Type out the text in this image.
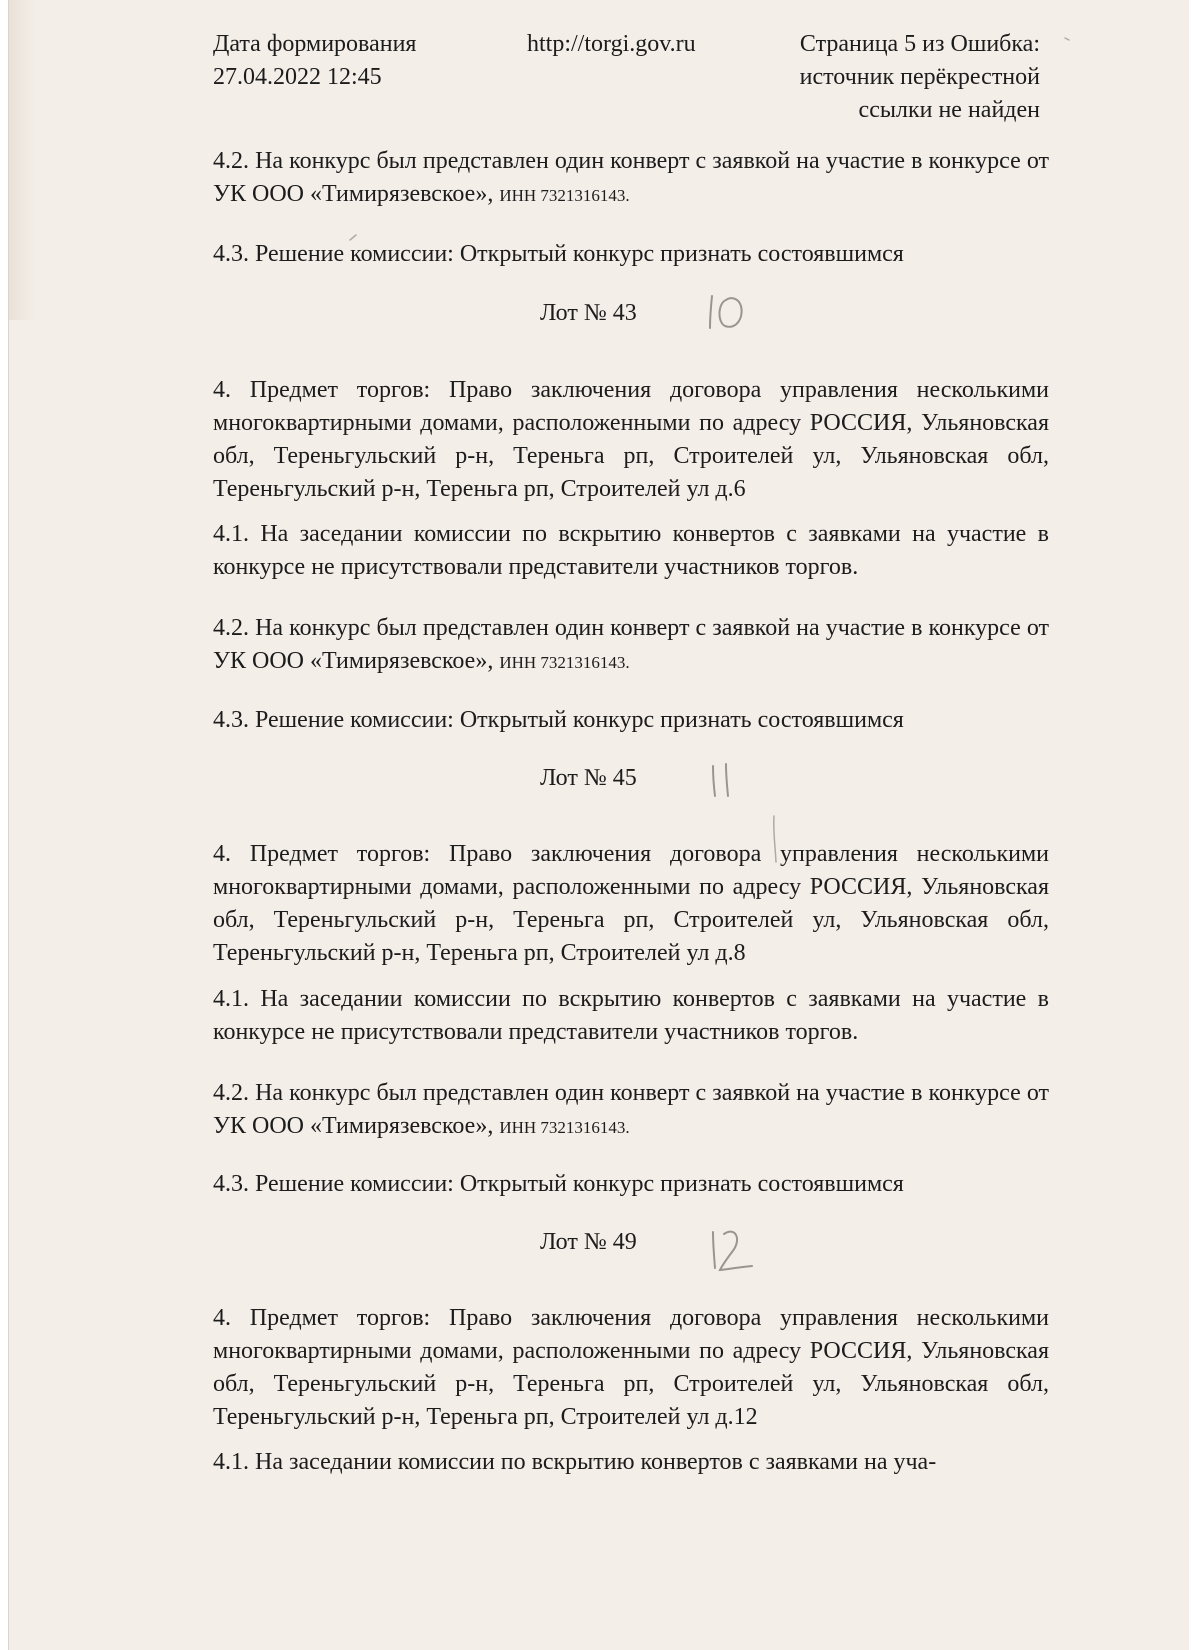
Дата формирования
27.04.2022 12:45
http://torgi.gov.ru	Страница 5 из Ошибка:
источник перёкрестной
ссылки не найден
4.2. На конкурс был представлен один конверт с заявкой на участие в конкурсе от УК ООО «Тимирязевское», ИНН 7321316143.
4.3. Решение комиссии: Открытый конкурс признать состоявшимся
Лот № 43
4. Предмет торгов: Право заключения договора управления несколькими многоквартирными домами, расположенными по адресу РОССИЯ, Ульяновская обл, Тереньгульский р-н, Тереньга рп, Строителей ул, Ульяновская обл, Тереньгульский р-н, Тереньга рп, Строителей ул д.6
4.1. На заседании комиссии по вскрытию конвертов с заявками на участие в конкурсе не присутствовали представители участников торгов.
4.2. На конкурс был представлен один конверт с заявкой на участие в конкурсе от УК ООО «Тимирязевское», ИНН 7321316143.
4.3. Решение комиссии: Открытый конкурс признать состоявшимся
Лот № 45
4. Предмет торгов: Право заключения договора управления несколькими многоквартирными домами, расположенными по адресу РОССИЯ, Ульяновская обл, Тереньгульский р-н, Тереньга рп, Строителей ул, Ульяновская обл, Тереньгульский р-н, Тереньга рп, Строителей ул д.8
4.1. На заседании комиссии по вскрытию конвертов с заявками на участие в конкурсе не присутствовали представители участников торгов.
4.2. На конкурс был представлен один конверт с заявкой на участие в конкурсе от УК ООО «Тимирязевское», ИНН 7321316143.
4.3. Решение комиссии: Открытый конкурс признать состоявшимся
Лот № 49
4. Предмет торгов: Право заключения договора управления несколькими многоквартирными домами, расположенными по адресу РОССИЯ, Ульяновская обл, Тереньгульский р-н, Тереньга рп, Строителей ул, Ульяновская обл, Тереньгульский р-н, Тереньга рп, Строителей ул д.12
4.1. На заседании комиссии по вскрытию конвертов с заявками на уча-
